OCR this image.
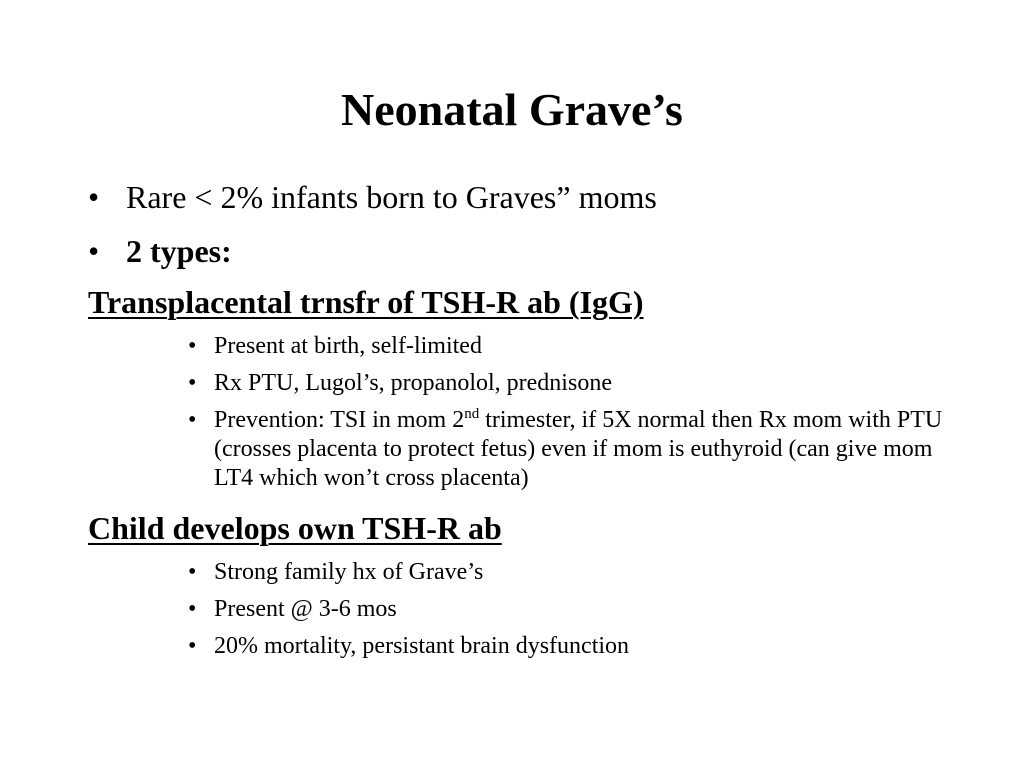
Neonatal Grave’s
• Rare < 2% infants born to Graves” moms
• 2 types:
Transplacental trnsfr of TSH-R ab (IgG)
• Present at birth, self-limited
• Rx PTU, Lugol’s, propanolol, prednisone
• Prevention: TSI in mom 2nd trimester, if 5X normal then Rx mom with PTU (crosses placenta to protect fetus) even if mom is euthyroid (can give mom LT4 which won’t cross placenta)
Child develops own TSH-R ab
• Strong family hx of Grave’s
• Present @ 3-6 mos
• 20% mortality, persistant brain dysfunction
